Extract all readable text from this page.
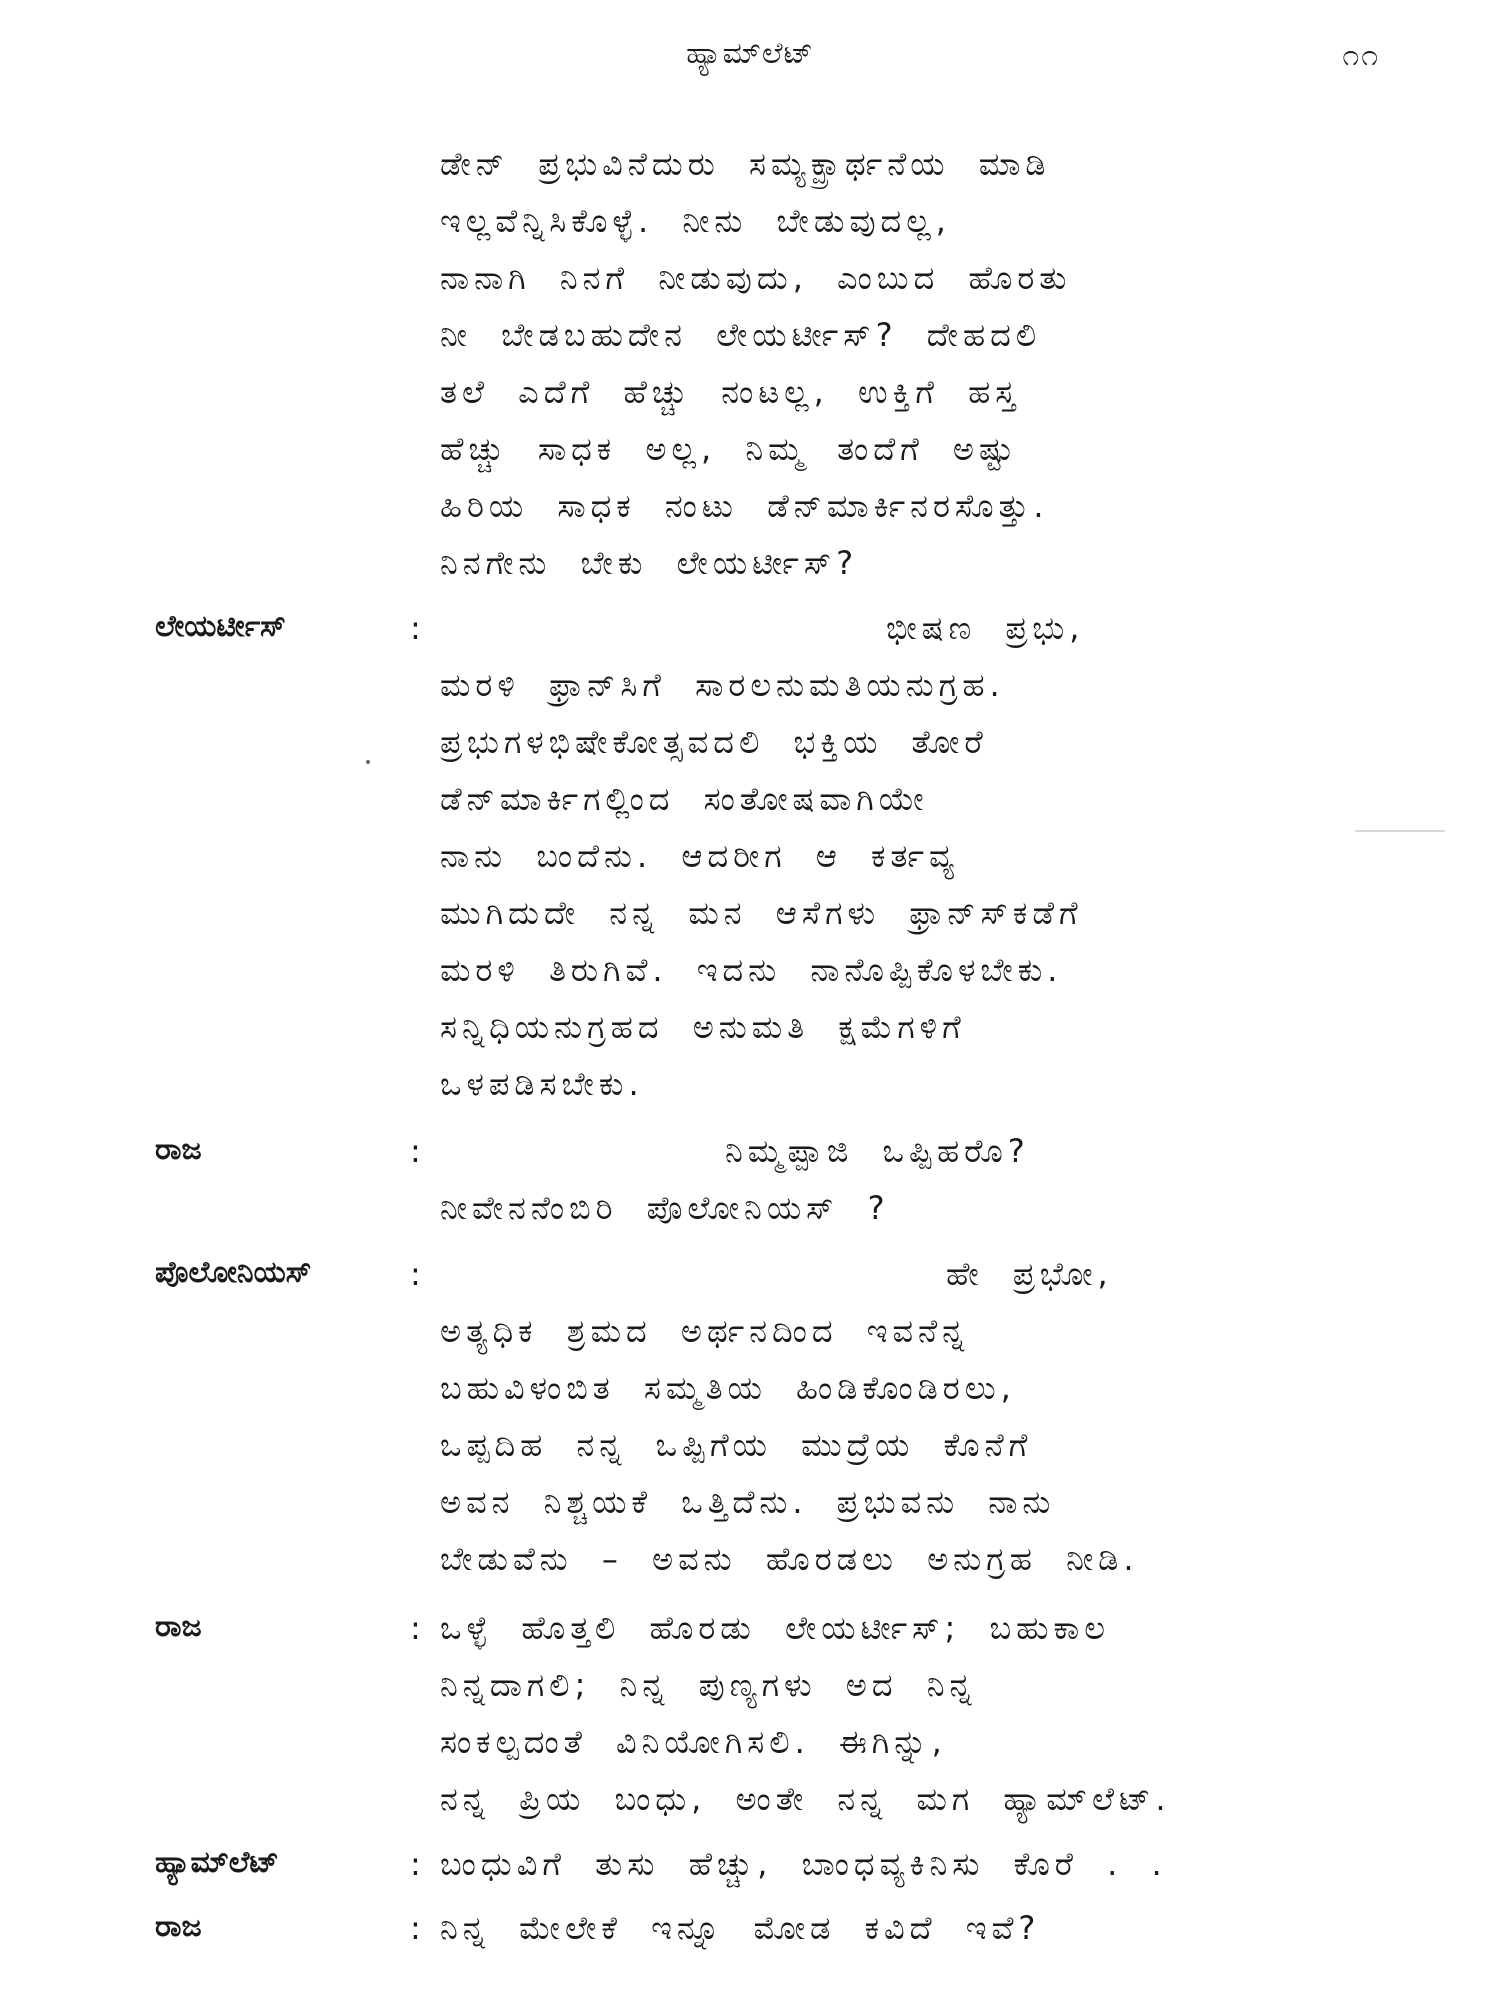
ಹ್ಯಾಮ್‌ಲೆಟ್	೧೧
ಡೇನ್ ಪ್ರಭುವಿನೆದುರು ಸಮ್ಯಕ್ಪ್ರಾರ್ಥನೆಯ ಮಾಡಿ
ಇಲ್ಲವೆನ್ನಿಸಿಕೊಳ್ಳೆ. ನೀನು ಬೇಡುವುದಲ್ಲ,
ನಾನಾಗಿ ನಿನಗೆ ನೀಡುವುದು, ಎಂಬುದ ಹೊರತು
ನೀ ಬೇಡಬಹುದೇನ ಲೇಯರ್ಟೀಸ್? ದೇಹದಲಿ
ತಲೆ ಎದೆಗೆ ಹೆಚ್ಚು ನಂಟಲ್ಲ, ಉಕ್ತಿಗೆ ಹಸ್ತ
ಹೆಚ್ಚು ಸಾಧಕ ಅಲ್ಲ, ನಿಮ್ಮ ತಂದೆಗೆ ಅಷ್ಟು
ಹಿರಿಯ ಸಾಧಕ ನಂಟು ಡೆನ್‌ಮಾರ್ಕಿನರಸೊತ್ತು.
ನಿನಗೇನು ಬೇಕು ಲೇಯರ್ಟೀಸ್?
ಲೇಯರ್ಟೀಸ್	:	ಭೀಷಣ ಪ್ರಭು,
ಮರಳಿ ಫ್ರಾನ್‌ಸಿಗೆ ಸಾರಲನುಮತಿಯನುಗ್ರಹ.
ಪ್ರಭುಗಳಭಿಷೇಕೋತ್ಸವದಲಿ ಭಕ್ತಿಯ ತೋರೆ
ಡೆನ್‌ಮಾರ್ಕಿಗಲ್ಲಿಂದ ಸಂತೋಷವಾಗಿಯೇ
ನಾನು ಬಂದೆನು. ಆದರೀಗ ಆ ಕರ್ತವ್ಯ
ಮುಗಿದುದೇ ನನ್ನ ಮನ ಆಸೆಗಳು ಫ್ರಾನ್‌ಸ್‌ಕಡೆಗೆ
ಮರಳಿ ತಿರುಗಿವೆ. ಇದನು ನಾನೊಪ್ಪಿಕೊಳಬೇಕು.
ಸನ್ನಿಧಿಯನುಗ್ರಹದ ಅನುಮತಿ ಕ್ಷಮೆಗಳಿಗೆ
ಒಳಪಡಿಸಬೇಕು.
ರಾಜ	:	ನಿಮ್ಮಪ್ಪಾಜಿ ಒಪ್ಪಿಹರೊ?
ನೀವೇನನೆಂಬಿರಿ ಪೊಲೋನಿಯಸ್ ?
ಪೊಲೋನಿಯಸ್	:	ಹೇ ಪ್ರಭೋ,
ಅತ್ಯಧಿಕ ಶ್ರಮದ ಅರ್ಥನದಿಂದ ಇವನೆನ್ನ
ಬಹುವಿಳಂಬಿತ ಸಮ್ಮತಿಯ ಹಿಂಡಿಕೊಂಡಿರಲು,
ಒಪ್ಪದಿಹ ನನ್ನ ಒಪ್ಪಿಗೆಯ ಮುದ್ರೆಯ ಕೊನೆಗೆ
ಅವನ ನಿಶ್ಚಯಕೆ ಒತ್ತಿದೆನು. ಪ್ರಭುವನು ನಾನು
ಬೇಡುವೆನು – ಅವನು ಹೊರಡಲು ಅನುಗ್ರಹ ನೀಡಿ.
ರಾಜ	: ಒಳ್ಳೆ ಹೊತ್ತಲಿ ಹೊರಡು ಲೇಯರ್ಟೀಸ್; ಬಹುಕಾಲ
ನಿನ್ನದಾಗಲಿ; ನಿನ್ನ ಪುಣ್ಯಗಳು ಅದ ನಿನ್ನ
ಸಂಕಲ್ಪದಂತೆ ವಿನಿಯೋಗಿಸಲಿ. ಈಗಿನ್ನು,
ನನ್ನ ಪ್ರಿಯ ಬಂಧು, ಅಂತೇ ನನ್ನ ಮಗ ಹ್ಯಾಮ್‌ಲೆಟ್.
ಹ್ಯಾಮ್‌ಲೆಟ್	: ಬಂಧುವಿಗೆ ತುಸು ಹೆಚ್ಚು, ಬಾಂಧವ್ಯಕಿನಿಸು ಕೊರೆ . .
ರಾಜ	: ನಿನ್ನ ಮೇಲೇಕೆ ಇನ್ನೂ ಮೋಡ ಕವಿದೆ ಇವೆ?
